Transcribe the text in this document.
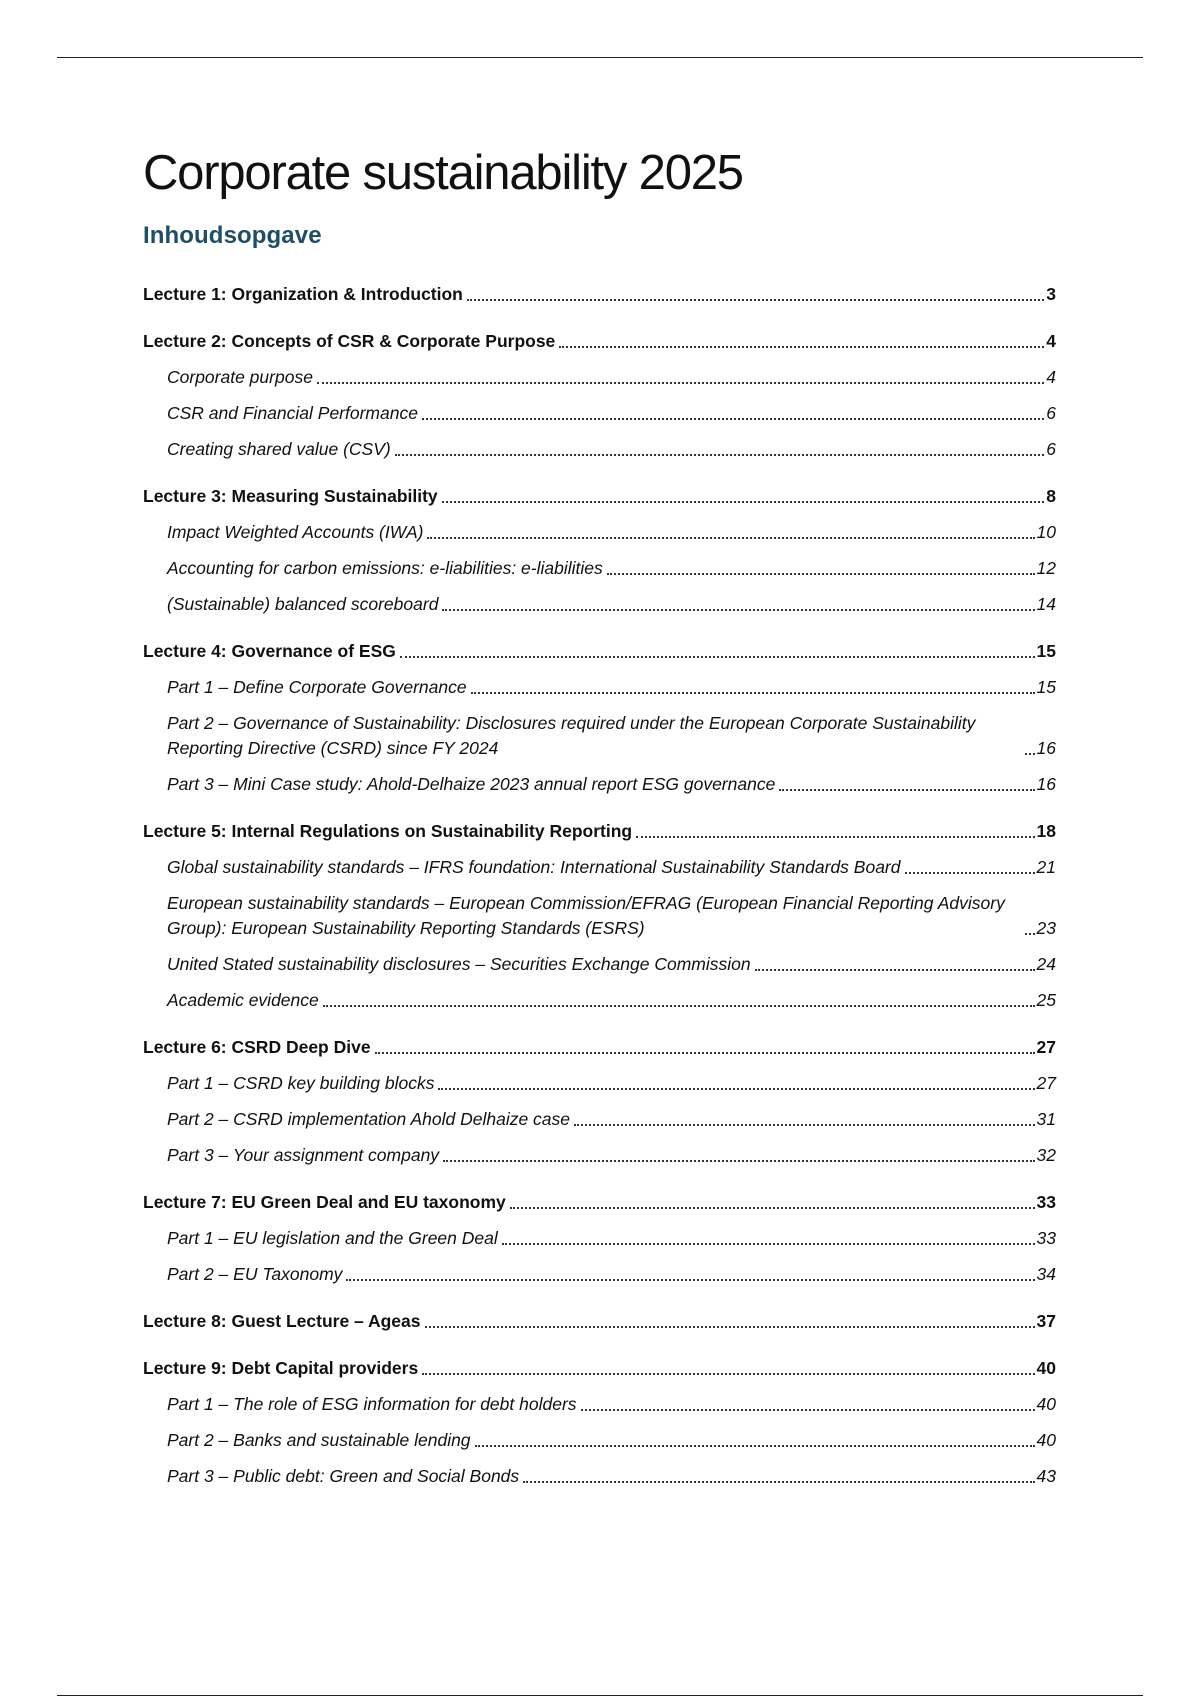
Corporate sustainability 2025
Inhoudsopgave
Lecture 1: Organization & Introduction	3
Lecture 2: Concepts of CSR & Corporate Purpose	4
Corporate purpose	4
CSR and Financial Performance	6
Creating shared value (CSV)	6
Lecture 3: Measuring Sustainability	8
Impact Weighted Accounts (IWA)	10
Accounting for carbon emissions: e-liabilities: e-liabilities	12
(Sustainable) balanced scoreboard	14
Lecture 4: Governance of ESG	15
Part 1 – Define Corporate Governance	15
Part 2 – Governance of Sustainability: Disclosures required under the European Corporate Sustainability Reporting Directive (CSRD) since FY 2024	16
Part 3 – Mini Case study: Ahold-Delhaize 2023 annual report ESG governance	16
Lecture 5: Internal Regulations on Sustainability Reporting	18
Global sustainability standards – IFRS foundation: International Sustainability Standards Board	21
European sustainability standards – European Commission/EFRAG (European Financial Reporting Advisory Group): European Sustainability Reporting Standards (ESRS)	23
United Stated sustainability disclosures – Securities Exchange Commission	24
Academic evidence	25
Lecture 6: CSRD Deep Dive	27
Part 1 – CSRD key building blocks	27
Part 2 – CSRD implementation Ahold Delhaize case	31
Part 3 – Your assignment company	32
Lecture 7: EU Green Deal and EU taxonomy	33
Part 1 – EU legislation and the Green Deal	33
Part 2 – EU Taxonomy	34
Lecture 8: Guest Lecture – Ageas	37
Lecture 9: Debt Capital providers	40
Part 1 – The role of ESG information for debt holders	40
Part 2 – Banks and sustainable lending	40
Part 3 – Public debt: Green and Social Bonds	43
